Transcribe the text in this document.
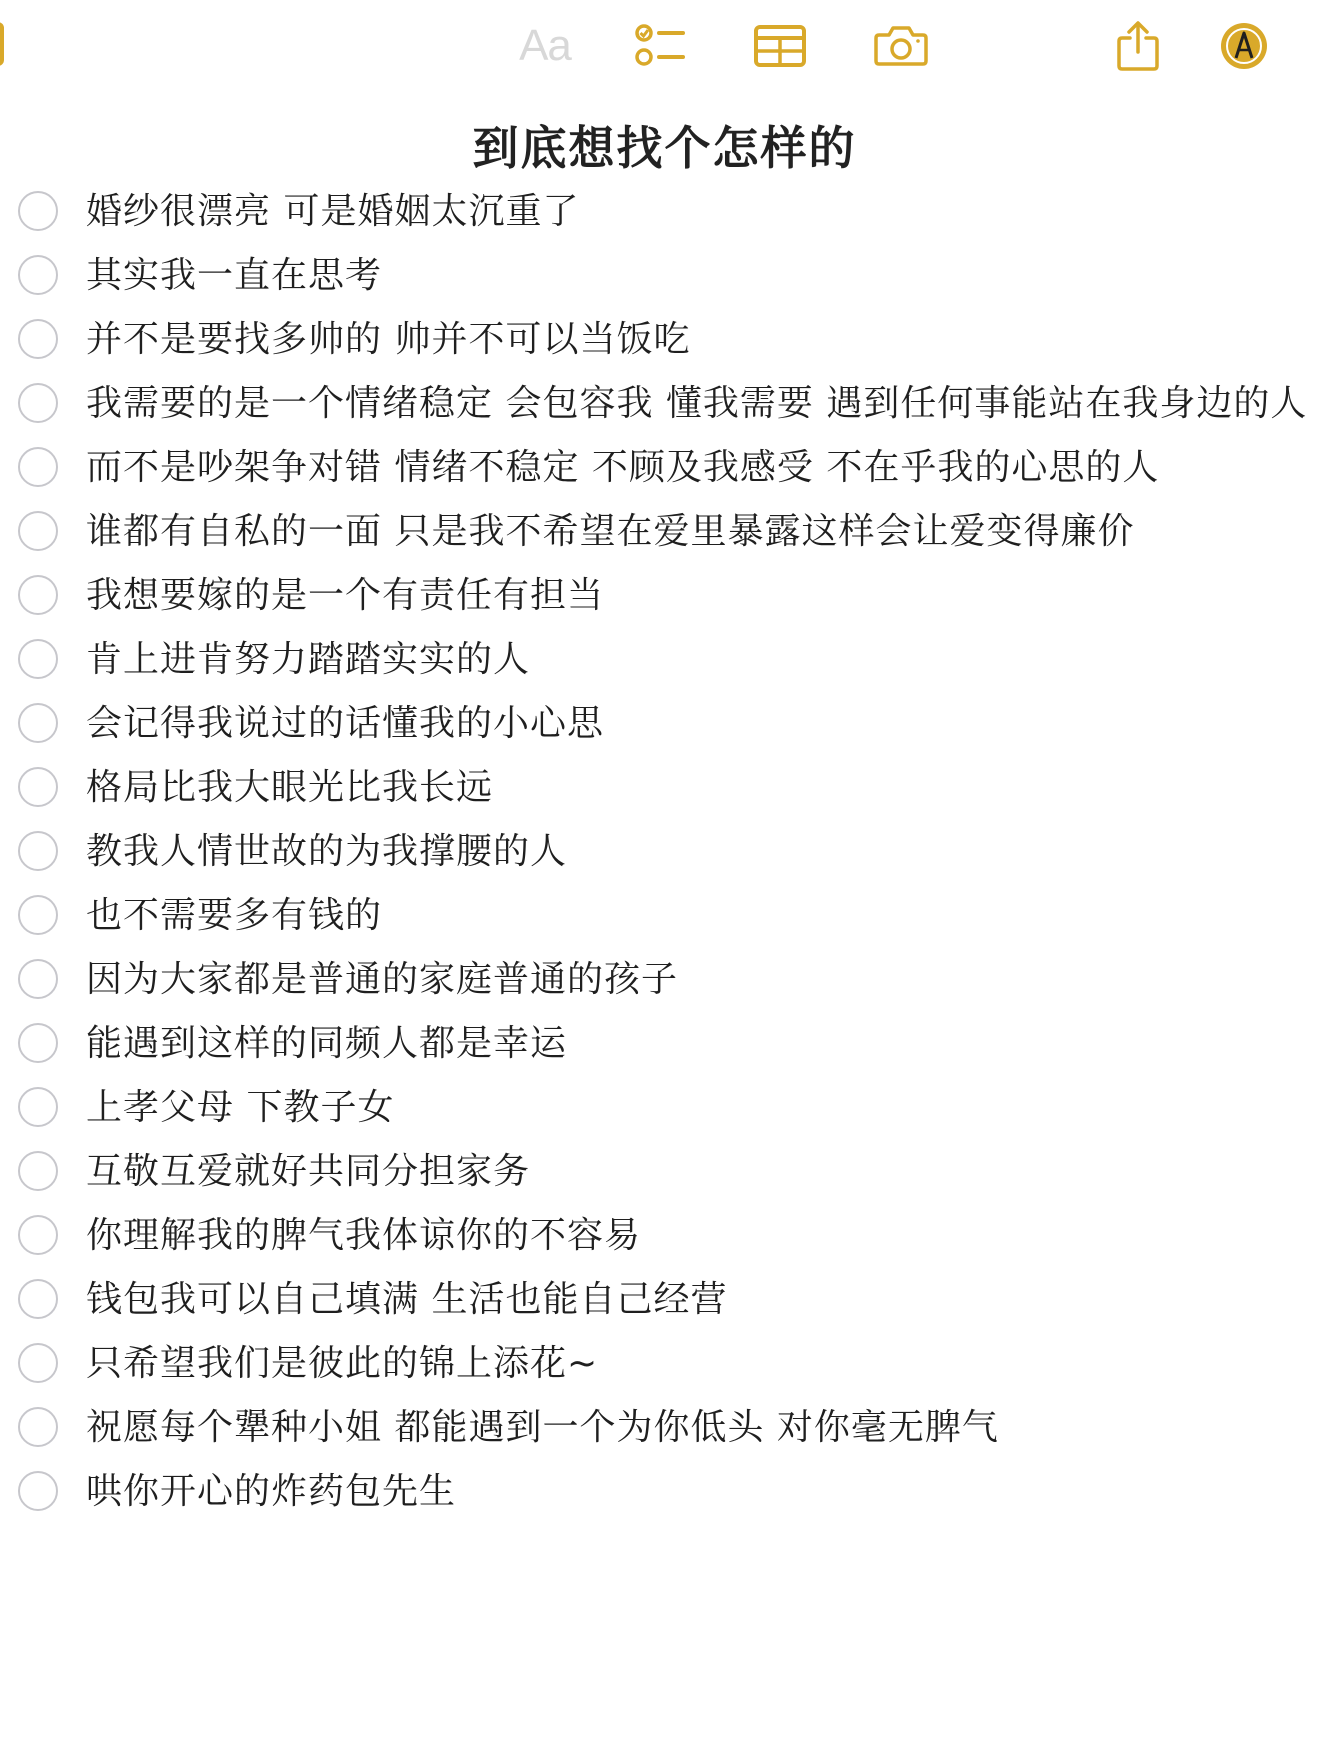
Aa
到底想找个怎样的
婚纱很漂亮 可是婚姻太沉重了
其实我一直在思考
并不是要找多帅的 帅并不可以当饭吃
我需要的是一个情绪稳定 会包容我 懂我需要 遇到任何事能站在我身边的人
而不是吵架争对错 情绪不稳定 不顾及我感受 不在乎我的心思的人
谁都有自私的一面 只是我不希望在爱里暴露这样会让爱变得廉价
我想要嫁的是一个有责任有担当
肯上进肯努力踏踏实实的人
会记得我说过的话懂我的小心思
格局比我大眼光比我长远
教我人情世故的为我撑腰的人
也不需要多有钱的
因为大家都是普通的家庭普通的孩子
能遇到这样的同频人都是幸运
上孝父母 下教子女
互敬互爱就好共同分担家务
你理解我的脾气我体谅你的不容易
钱包我可以自己填满 生活也能自己经营
只希望我们是彼此的锦上添花~
祝愿每个犟种小姐 都能遇到一个为你低头 对你毫无脾气
哄你开心的炸药包先生
